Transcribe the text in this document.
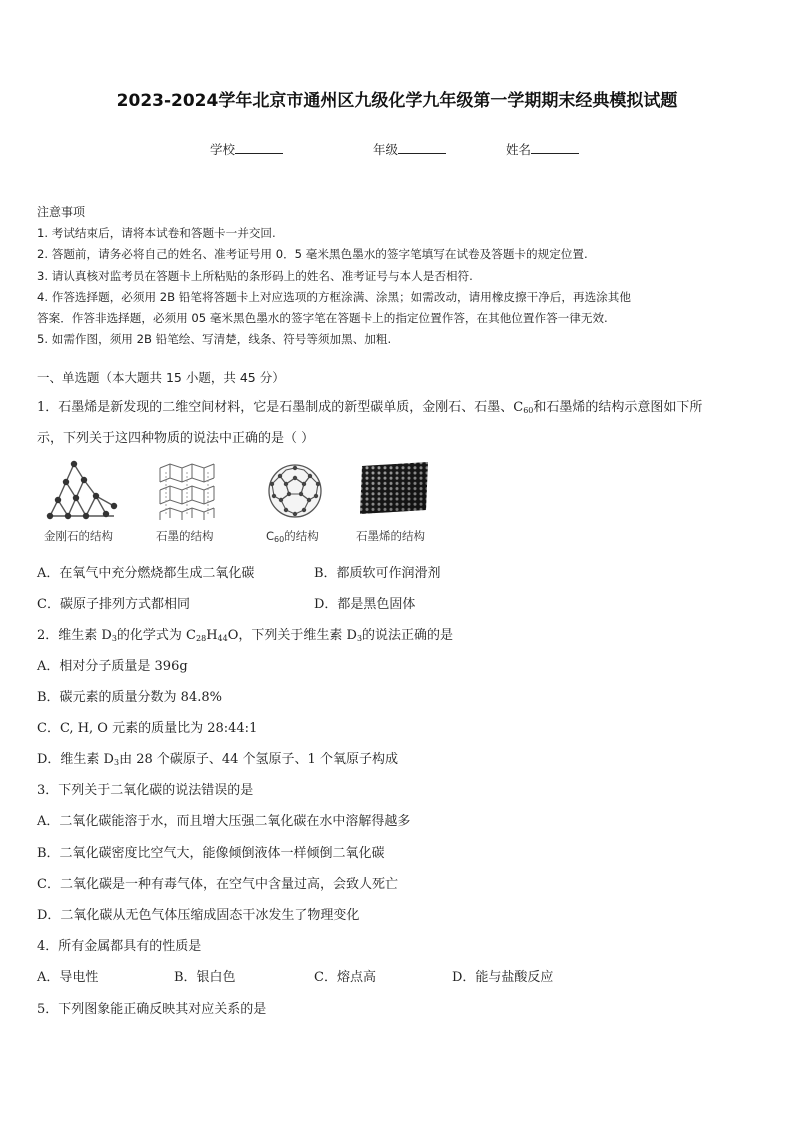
2023-2024学年北京市通州区九级化学九年级第一学期期末经典模拟试题
学校	年级	姓名
注意事项
1. 考试结束后，请将本试卷和答题卡一并交回.
2. 答题前，请务必将自己的姓名、准考证号用 0．5 毫米黑色墨水的签字笔填写在试卷及答题卡的规定位置.
3. 请认真核对监考员在答题卡上所粘贴的条形码上的姓名、准考证号与本人是否相符.
4. 作答选择题，必须用 2B 铅笔将答题卡上对应选项的方框涂满、涂黑；如需改动，请用橡皮擦干净后，再选涂其他
答案．作答非选择题，必须用 05 毫米黑色墨水的签字笔在答题卡上的指定位置作答，在其他位置作答一律无效.
5. 如需作图，须用 2B 铅笔绘、写清楚，线条、符号等须加黑、加粗.
一、单选题（本大题共 15 小题，共 45 分）
1．石墨烯是新发现的二维空间材料，它是石墨制成的新型碳单质，金刚石、石墨、$C_{60}$和石墨烯的结构示意图如下所
示，下列关于这四种物质的说法中正确的是（ ）
金刚石的结构	石墨的结构	$C_{60}$的结构	石墨烯的结构
A．在氧气中充分燃烧都生成二氧化碳	B．都质软可作润滑剂
C．碳原子排列方式都相同	D．都是黑色固体
2．维生素 $D_3$的化学式为 $C_{28}H_{44}O$，下列关于维生素 $D_3$的说法正确的是
A．相对分子质量是 396g
B．碳元素的质量分数为 84.8%
C．C, H, O 元素的质量比为 28:44:1
D．维生素 $D_3$由 28 个碳原子、44 个氢原子、1 个氧原子构成
3．下列关于二氧化碳的说法错误的是
A．二氧化碳能溶于水，而且增大压强二氧化碳在水中溶解得越多
B．二氧化碳密度比空气大，能像倾倒液体一样倾倒二氧化碳
C．二氧化碳是一种有毒气体，在空气中含量过高，会致人死亡
D．二氧化碳从无色气体压缩成固态干冰发生了物理变化
4．所有金属都具有的性质是
A．导电性	B．银白色	C．熔点高	D．能与盐酸反应
5．下列图象能正确反映其对应关系的是
